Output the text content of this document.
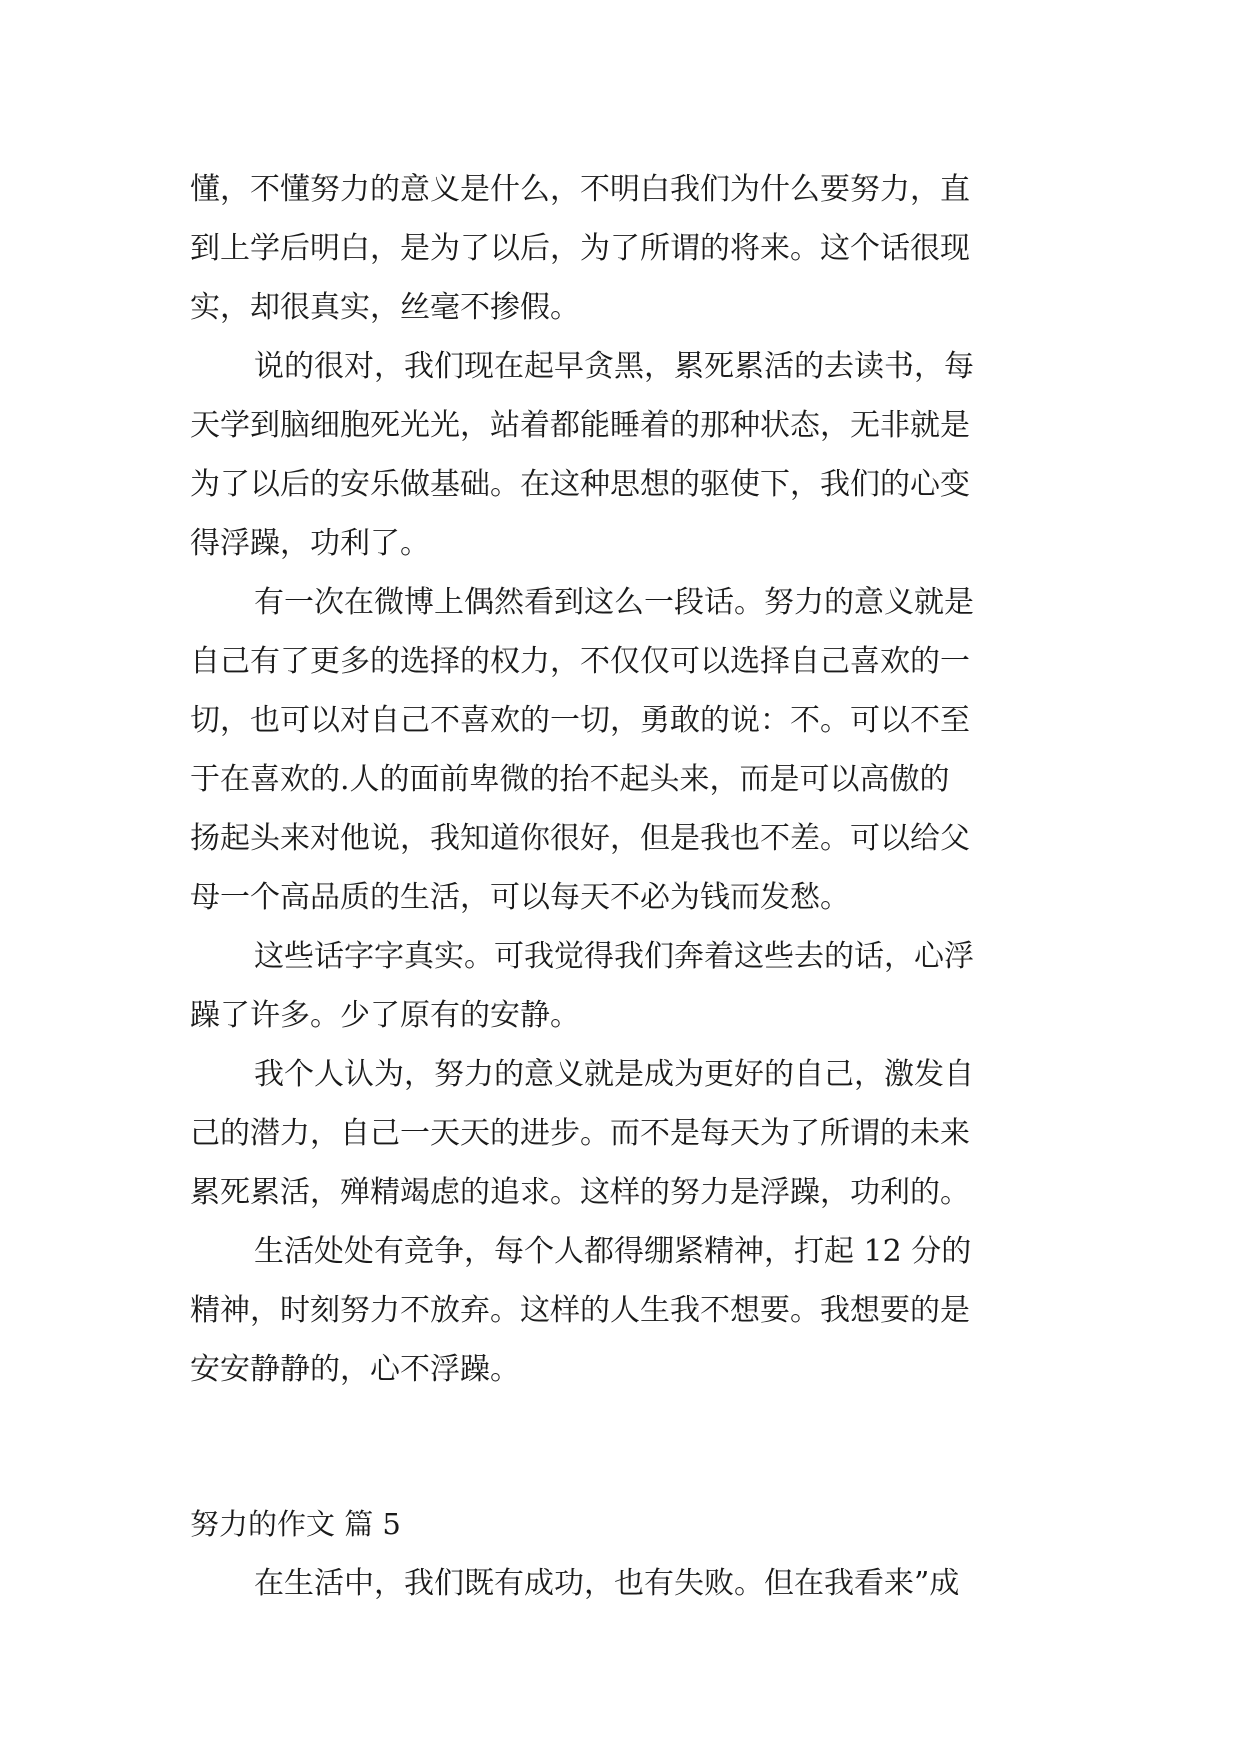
懂，不懂努力的意义是什么，不明白我们为什么要努力，直
到上学后明白，是为了以后，为了所谓的将来。这个话很现
实，却很真实，丝毫不掺假。
说的很对，我们现在起早贪黑，累死累活的去读书，每
天学到脑细胞死光光，站着都能睡着的那种状态，无非就是
为了以后的安乐做基础。在这种思想的驱使下，我们的心变
得浮躁，功利了。
有一次在微博上偶然看到这么一段话。努力的意义就是
自己有了更多的选择的权力，不仅仅可以选择自己喜欢的一
切，也可以对自己不喜欢的一切，勇敢的说：不。可以不至
于在喜欢的.人的面前卑微的抬不起头来，而是可以高傲的
扬起头来对他说，我知道你很好，但是我也不差。可以给父
母一个高品质的生活，可以每天不必为钱而发愁。
这些话字字真实。可我觉得我们奔着这些去的话，心浮
躁了许多。少了原有的安静。
我个人认为，努力的意义就是成为更好的自己，激发自
己的潜力，自己一天天的进步。而不是每天为了所谓的未来
累死累活，殚精竭虑的追求。这样的努力是浮躁，功利的。
生活处处有竞争，每个人都得绷紧精神，打起 12 分的
精神，时刻努力不放弃。这样的人生我不想要。我想要的是
安安静静的，心不浮躁。
努力的作文 篇 5
在生活中，我们既有成功，也有失败。但在我看来”成
